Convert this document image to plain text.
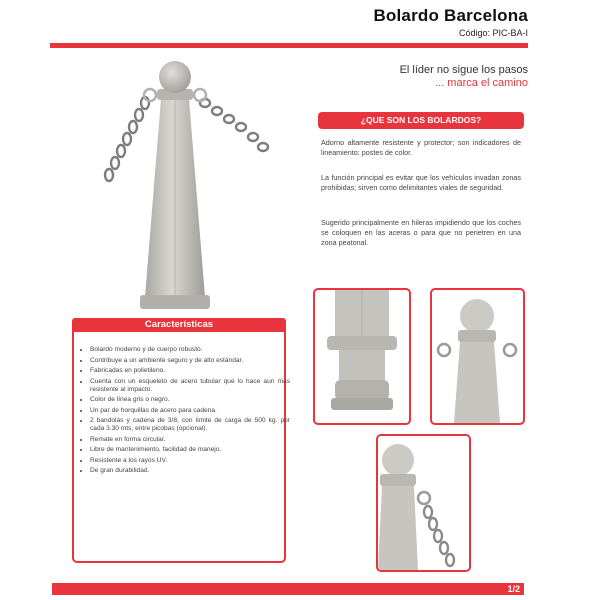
Bolardo Barcelona
Código: PIC-BA-I
El líder no sigue los pasos
... marca el camino
¿QUE SON LOS BOLARDOS?
Adorno altamente resistente y protector; son indicadores de lineamiento: postes de color.
La función principal es evitar que los vehículos invadan zonas prohibidas; sirven como delimitantes viales de seguridad.
Sugerido principalmente en hileras impidiendo que los coches se coloquen en las aceras o para que no penetren en una zona peatonal.
Características
• Bolardo moderno y de cuerpo robusto.
• Contribuye a un ambiente seguro y de alto estándar.
• Fabricadas en polietileno.
• Cuenta con un esqueleto de acero tubular que lo hace aun mas resistente al impacto.
• Color de línea gris o negro.
• Un par de horquillas de acero para cadena.
• 2 bandolas y cadena de 3/8, con límite de carga de 500 kg. por cada 3.30 mts, entre picobas (opcional).
• Remate en forma circular.
• Libre de mantenimiento, facilidad de manejo.
• Resistente a los rayos UV.
• De gran durabilidad.
1/2
